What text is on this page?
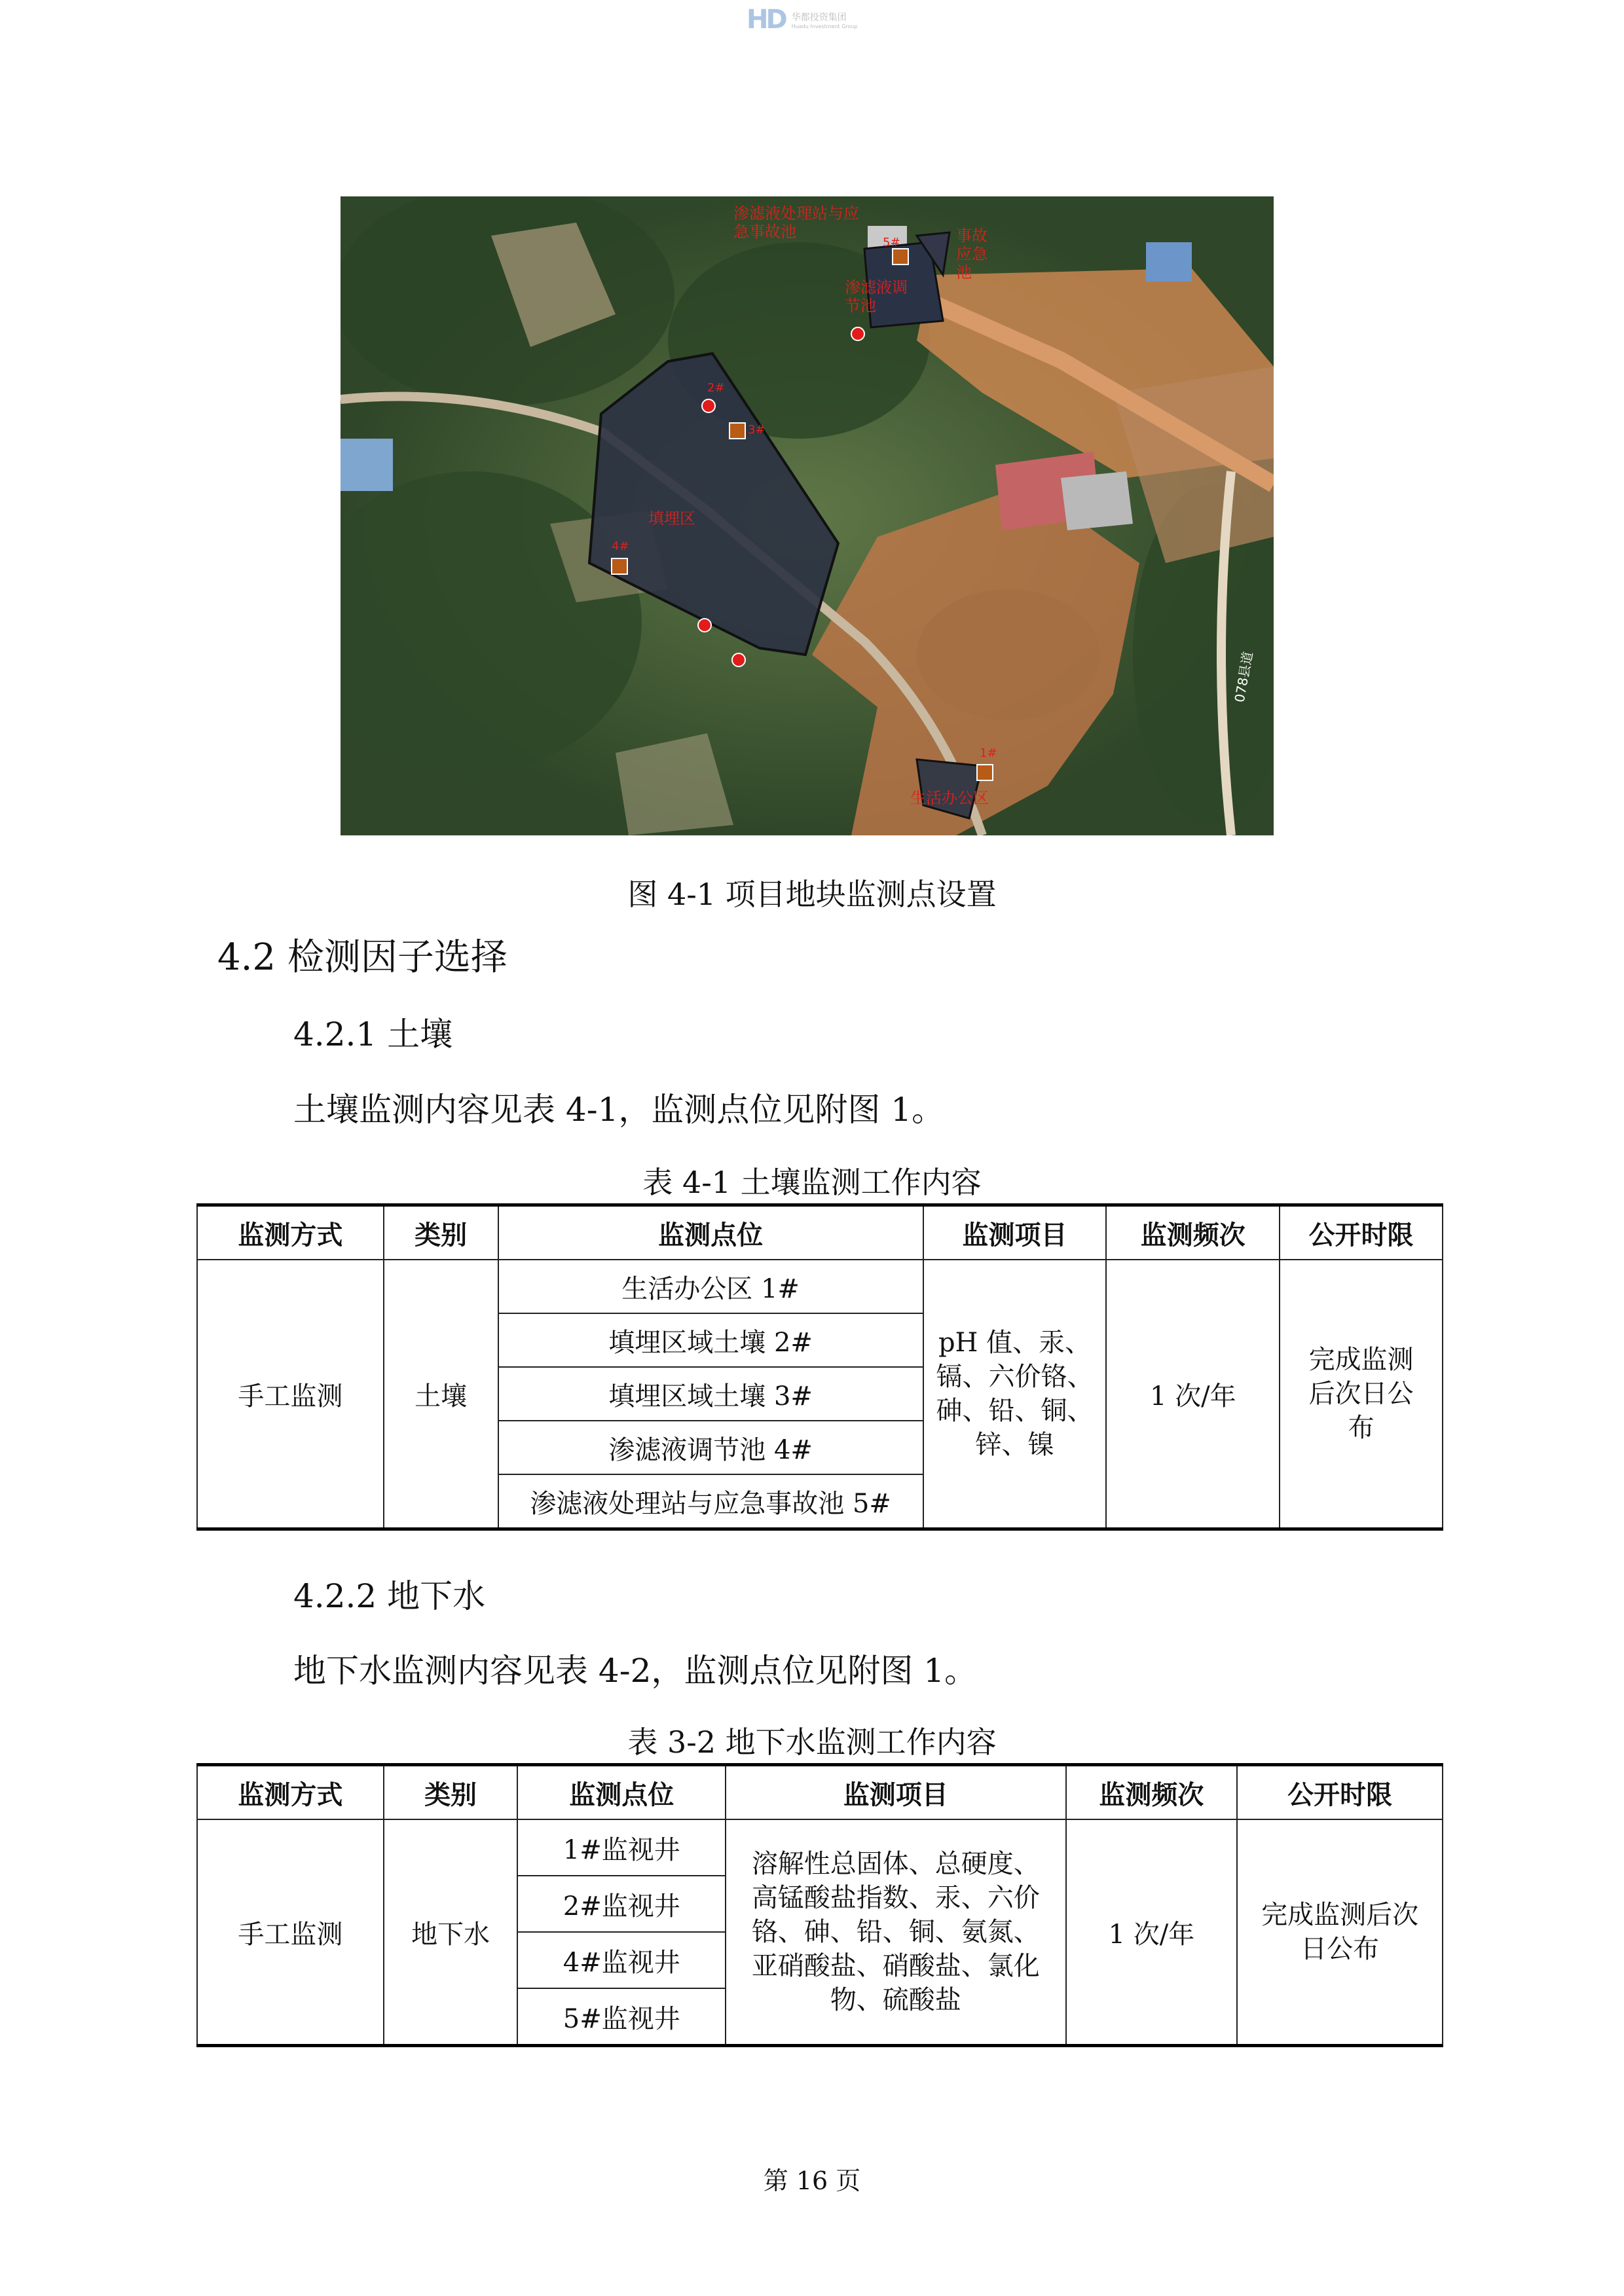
HD 华都投资集团
Huadu Investment Group
渗滤液处理站与应急事故池	事故应急池
渗滤液调节池
填埋区
生活办公区
078县道
5#
2#
3#
1#
4#
图 4-1 项目地块监测点设置
4.2 检测因子选择
4.2.1 土壤
土壤监测内容见表 4-1，监测点位见附图 1。
表 4-1 土壤监测工作内容
监测方式	类别	监测点位	监测项目	监测频次	公开时限
手工监测	土壤	生活办公区 1#	pH 值、汞、镉、六价铬、砷、铅、铜、锌、镍	1 次/年	完成监测后次日公布
		填埋区域土壤 2#			
		填埋区域土壤 3#			
		渗滤液调节池 4#			
		渗滤液处理站与应急事故池 5#			
4.2.2 地下水
地下水监测内容见表 4-2，监测点位见附图 1。
表 3-2 地下水监测工作内容
监测方式	类别	监测点位	监测项目	监测频次	公开时限
手工监测	地下水	1#监视井	溶解性总固体、总硬度、高锰酸盐指数、汞、六价铬、砷、铅、铜、氨氮、亚硝酸盐、硝酸盐、氯化物、硫酸盐	1 次/年	完成监测后次日公布
		2#监视井			
		4#监视井			
		5#监视井			
第 16 页
